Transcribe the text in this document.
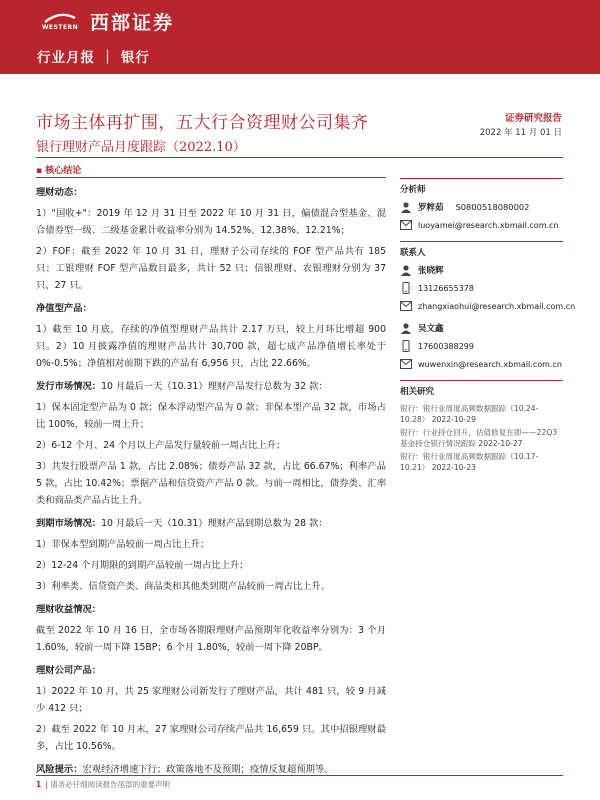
WESTERN 西部证券
行业月报 ｜ 银行
市场主体再扩围，五大行合资理财公司集齐
银行理财产品月度跟踪（2022.10）
证券研究报告
2022 年 11 月 01 日
▪ 核心结论
理财动态：
1）"国收+"：2019 年 12 月 31 日至 2022 年 10 月 31 日，偏债混合型基金、混合债券型一级、二级基金累计收益率分别为 14.52%、12.38%、12.21%；
2）FOF：截至 2022 年 10 月 31 日，理财子公司存续的 FOF 型产品共有 185 只；工银理财 FOF 型产品数目最多，共计 52 只；信银理财、农银理财分别为 37 只、27 只。
净值型产品：
1）截至 10 月底，存续的净值型理财产品共计 2.17 万只，较上月环比增超 900 只。2）10 月披露净值的理财产品共计 30,700 款，超七成产品净值增长率处于 0%-0.5%；净值相对前期下跌的产品有 6,956 只，占比 22.66%。
发行市场情况：10 月最后一天（10.31）理财产品发行总数为 32 款：
1）保本固定型产品为 0 款；保本浮动型产品为 0 款；非保本型产品 32 款，市场占比 100%，较前一周上升；
2）6-12 个月、24 个月以上产品发行量较前一周占比上升；
3）共发行股票产品 1 款，占比 2.08%；债券产品 32 款，占比 66.67%；利率产品 5 款，占比 10.42%；票据产品和信贷资产产品 0 款。与前一周相比，债券类、汇率类和商品类产品占比上升。
到期市场情况：10 月最后一天（10.31）理财产品到期总数为 28 款：
1）非保本型到期产品较前一周占比上升；
2）12-24 个月期限的到期产品较前一周占比上升；
3）利率类、信贷资产类、商品类和其他类到期产品较前一周占比上升。
理财收益情况：
截至 2022 年 10 月 16 日，全市场各期限理财产品预期年化收益率分别为：3 个月 1.60%，较前一周下降 15BP；6 个月 1.80%，较前一周下降 20BP。
理财公司产品：
1）2022 年 10 月，共 25 家理财公司新发行了理财产品，共计 481 只，较 9 月减少 412 只；
2）截至 2022 年 10 月末，27 家理财公司存续产品共 16,659 只。其中招银理财最多，占比 10.56%。
风险提示：宏观经济增速下行；政策落地不及预期；疫情反复超预期等。
分析师
罗粹茹 S0800518080002
luoyamei@research.xbmail.com.cn
联系人
张晓辉
13126655378
zhangxiaohui@research.xbmail.com.cn
吴文鑫
17600388299
wuwenxin@research.xbmail.com.cn
相关研究
银行：银行业周度高频数据跟踪（10.24-10.28） 2022-10-29
银行：行业持仓回升，估值修复在即——22Q3 基金持仓银行情况跟踪 2022-10-27
银行：银行业周度高频数据跟踪（10.17-10.21） 2022-10-23
1 | 请务必仔细阅读报告尾部的重要声明
